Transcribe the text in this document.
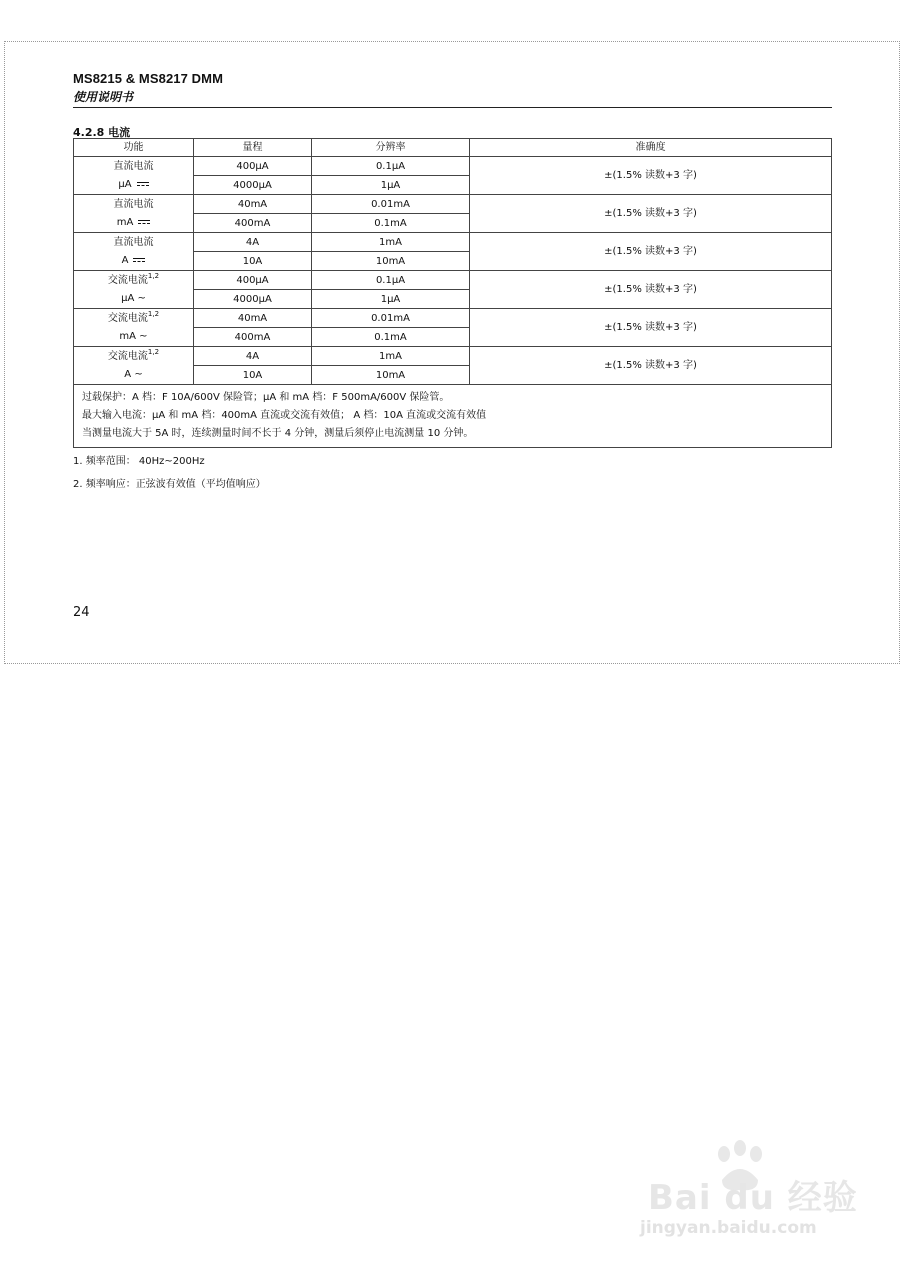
MS8215 & MS8217 DMM
使用说明书
4.2.8 电流
功能	量程	分辨率	准确度
直流电流	400μA	0.1μA	±(1.5% 读数+3 字)
μA	4000μA	1μA	
直流电流	40mA	0.01mA	±(1.5% 读数+3 字)
mA	400mA	0.1mA	
直流电流	4A	1mA	±(1.5% 读数+3 字)
A	10A	10mA	
交流电流$^{1,2}$	400μA	0.1μA	±(1.5% 读数+3 字)
μA ~	4000μA	1μA	
交流电流$^{1,2}$	40mA	0.01mA	±(1.5% 读数+3 字)
mA ~	400mA	0.1mA	
交流电流$^{1,2}$	4A	1mA	±(1.5% 读数+3 字)
A ~	10A	10mA	

过载保护：A 档：F 10A/600V 保险管；μA 和 mA 档：F 500mA/600V 保险管。
最大输入电流：μA 和 mA 档：400mA 直流或交流有效值； A 档：10A 直流或交流有效值
当测量电流大于 5A 时，连续测量时间不长于 4 分钟，测量后须停止电流测量 10 分钟。			
1. 频率范围： 40Hz~200Hz
2. 频率响应：正弦波有效值（平均值响应）
24
Bai du 经验
jingyan.baidu.com
